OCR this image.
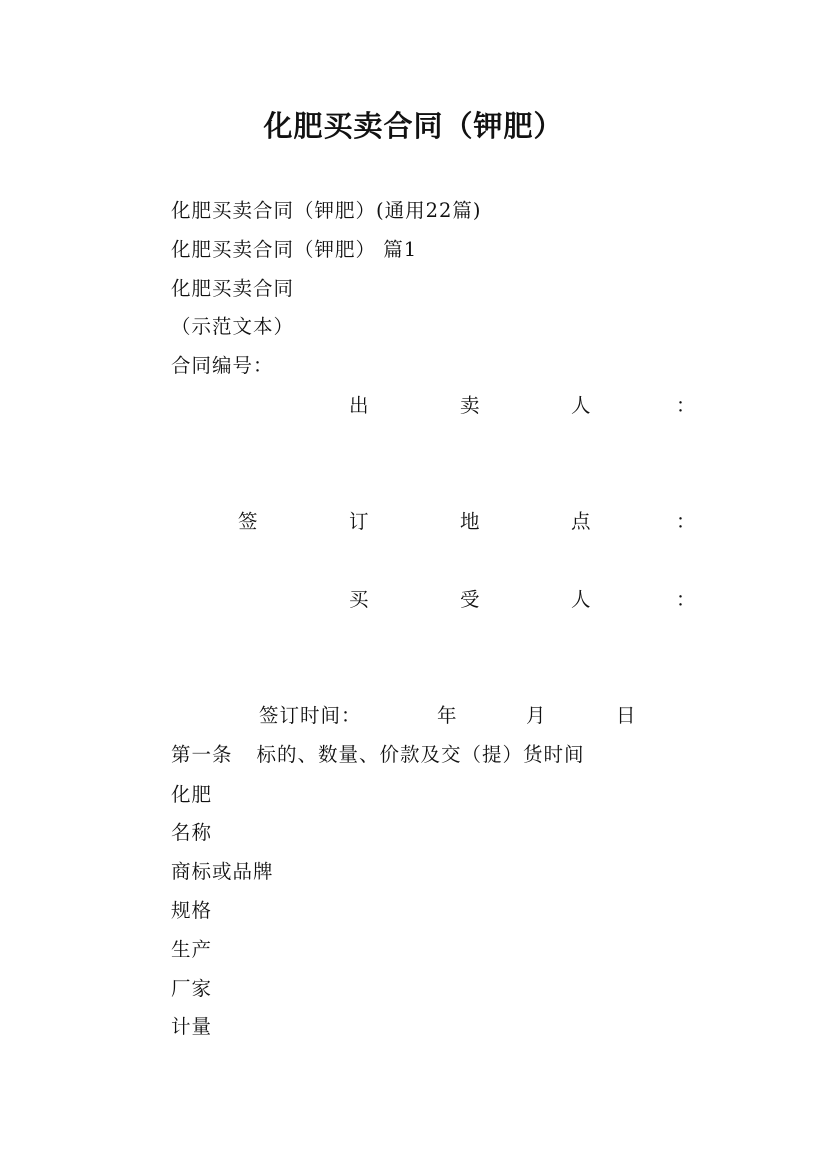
化肥买卖合同（钾肥）
化肥买卖合同（钾肥）(通用22篇)
化肥买卖合同（钾肥） 篇1
化肥买卖合同
（示范文本）
合同编号：
出	卖	人	：
签	订	地	点	：
买	受	人	：
签订时间：	年	月	日
第一条 标的、数量、价款及交（提）货时间
化肥
名称
商标或品牌
规格
生产
厂家
计量
